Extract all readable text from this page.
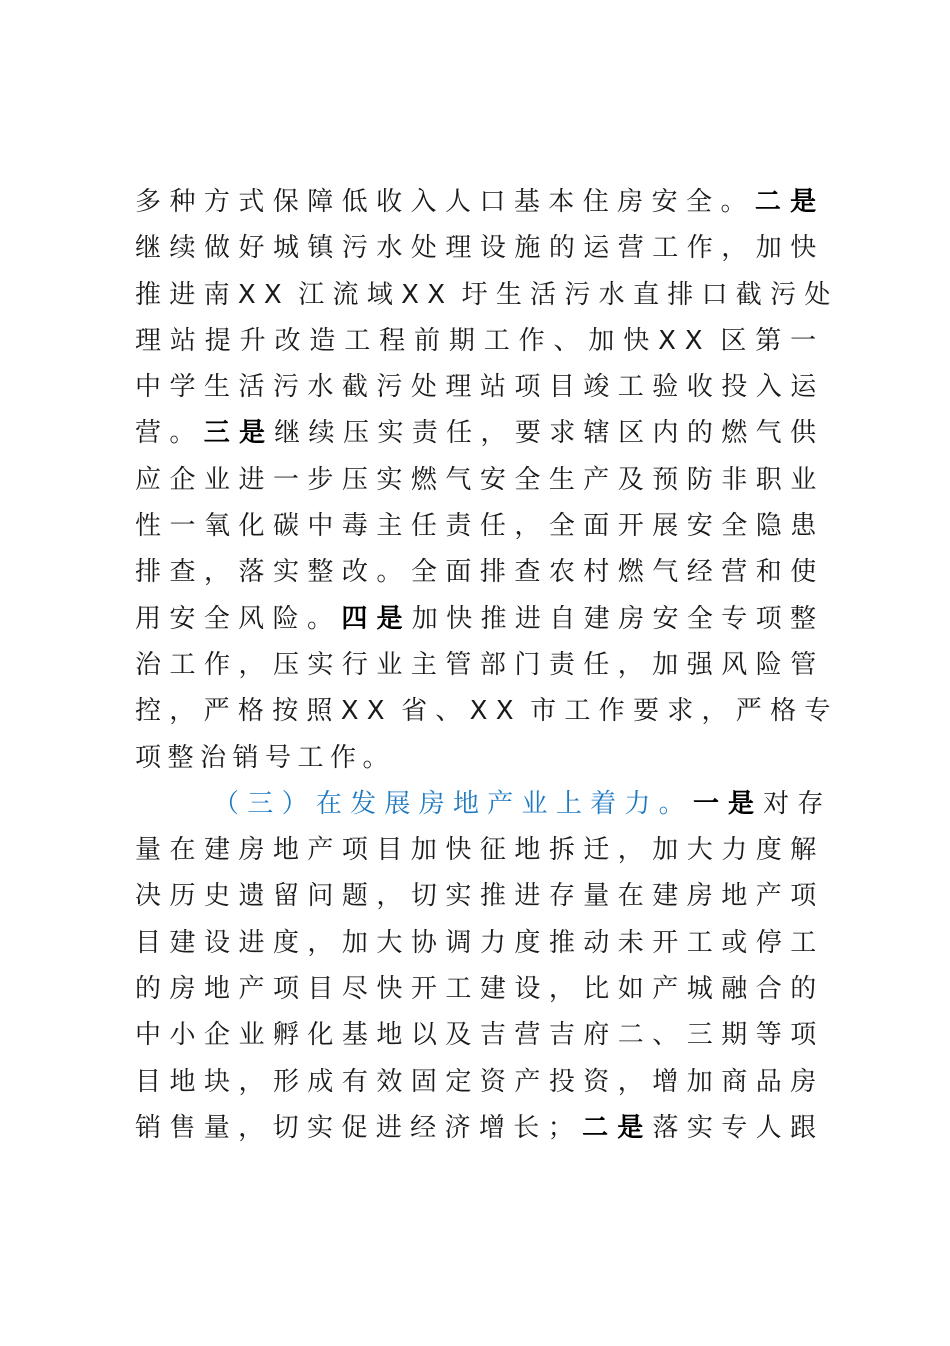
多 种 方 式 保 障 低 收 入 人 口 基 本 住 房 安 全 。 二 是
继 续 做 好 城 镇 污 水 处 理 设 施 的 运 营 工 作 ， 加 快
推 进 南 X X 江 流 域 X X 圩 生 活 污 水 直 排 口 截 污 处
理 站 提 升 改 造 工 程 前 期 工 作 、 加 快 X X 区 第 一
中 学 生 活 污 水 截 污 处 理 站 项 目 竣 工 验 收 投 入 运
营 。 三 是 继 续 压 实 责 任 ， 要 求 辖 区 内 的 燃 气 供
应 企 业 进 一 步 压 实 燃 气 安 全 生 产 及 预 防 非 职 业
性 一 氧 化 碳 中 毒 主 任 责 任 ， 全 面 开 展 安 全 隐 患
排 查 ， 落 实 整 改 。 全 面 排 查 农 村 燃 气 经 营 和 使
用 安 全 风 险 。 四 是 加 快 推 进 自 建 房 安 全 专 项 整
治 工 作 ， 压 实 行 业 主 管 部 门 责 任 ， 加 强 风 险 管
控 ， 严 格 按 照 X X 省 、 X X 市 工 作 要 求 ， 严 格 专
项整治销号工作。
（ 三 ） 在 发 展 房 地 产 业 上 着 力 。 一 是 对 存
量 在 建 房 地 产 项 目 加 快 征 地 拆 迁 ， 加 大 力 度 解
决 历 史 遗 留 问 题 ， 切 实 推 进 存 量 在 建 房 地 产 项
目 建 设 进 度 ， 加 大 协 调 力 度 推 动 未 开 工 或 停 工
的 房 地 产 项 目 尽 快 开 工 建 设 ， 比 如 产 城 融 合 的
中 小 企 业 孵 化 基 地 以 及 吉 营 吉 府 二 、 三 期 等 项
目 地 块 ， 形 成 有 效 固 定 资 产 投 资 ， 增 加 商 品 房
销 售 量 ， 切 实 促 进 经 济 增 长 ； 二 是 落 实 专 人 跟
